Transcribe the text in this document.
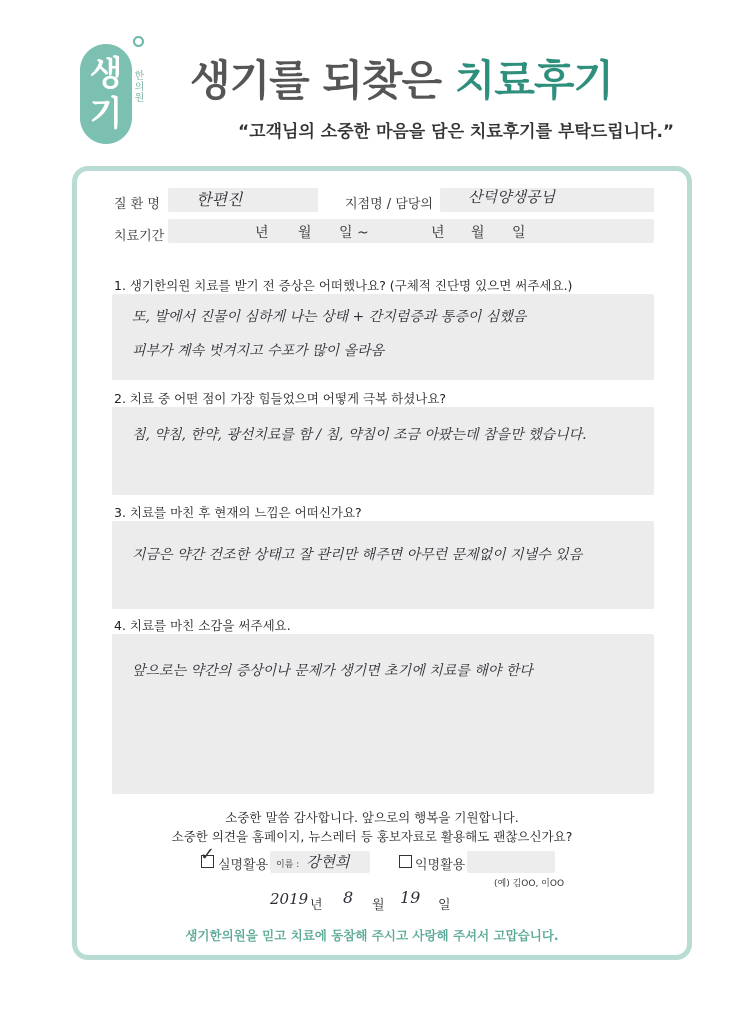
생
기
한의원 생기를 되찾은 치료후기
“고객님의 소중한 마음을 담은 치료후기를 부탁드립니다.”
질 환 명 한편진	지점명 / 담당의 산덕양생공님
치료기간	년 월 일 ~	년 월 일
1. 생기한의원 치료를 받기 전 증상은 어떠했나요? (구체적 진단명 있으면 써주세요.)
또, 발에서 진물이 심하게 나는 상태 + 간지럼증과 통증이 심했음
피부가 계속 벗겨지고 수포가 많이 올라옴
2. 치료 중 어떤 점이 가장 힘들었으며 어떻게 극복 하셨나요?
침, 약침, 한약, 광선치료를 함 / 침, 약침이 조금 아팠는데 참을만 했습니다.
3. 치료를 마친 후 현재의 느낌은 어떠신가요?
지금은 약간 건조한 상태고 잘 관리만 해주면 아무런 문제없이 지낼수 있음
4. 치료를 마친 소감을 써주세요.
앞으로는 약간의 증상이나 문제가 생기면 초기에 치료를 해야 한다
소중한 말씀 감사합니다. 앞으로의 행복을 기원합니다.
소중한 의견을 홈페이지, 뉴스레터 등 홍보자료로 활용해도 괜찮으신가요?
✓
실명활용 이름 : 강현희	익명활용
(예) 김OO, 이OO
2019 년 8 월 19 일
생기한의원을 믿고 치료에 동참해 주시고 사랑해 주셔서 고맙습니다.
